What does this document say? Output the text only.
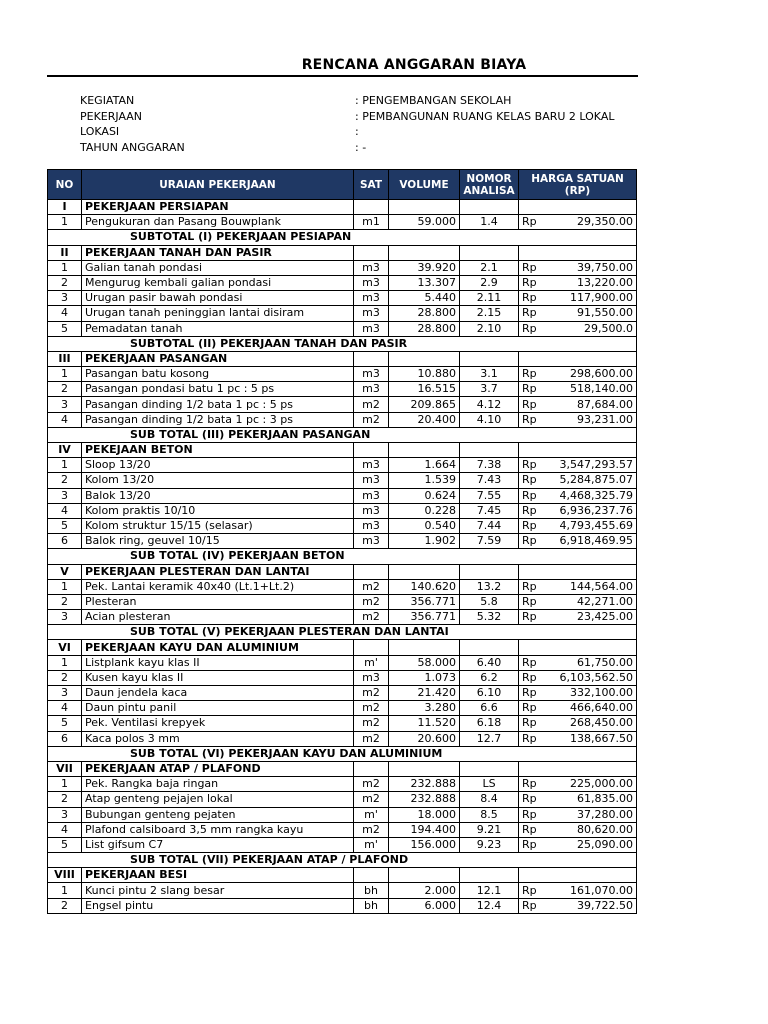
RENCANA ANGGARAN BIAYA
KEGIATAN	: PENGEMBANGAN SEKOLAH
PEKERJAAN	: PEMBANGUNAN RUANG KELAS BARU 2 LOKAL
LOKASI	:
TAHUN ANGGARAN	: -
NO	URAIAN PEKERJAAN	SAT	VOLUME	NOMOR ANALISA	HARGA SATUAN (RP)	
I	PEKERJAAN PERSIAPAN					
1	Pengukuran dan Pasang Bouwplank	m1	59.000	1.4	Rp	29,350.00
SUBTOTAL (I) PEKERJAAN PESIAPAN						
II	PEKERJAAN TANAH DAN PASIR					
1	Galian tanah pondasi	m3	39.920	2.1	Rp	39,750.00
2	Mengurug kembali galian pondasi	m3	13.307	2.9	Rp	13,220.00
3	Urugan pasir bawah pondasi	m3	5.440	2.11	Rp	117,900.00
4	Urugan tanah peninggian lantai disiram	m3	28.800	2.15	Rp	91,550.00
5	Pemadatan tanah	m3	28.800	2.10	Rp	29,500.0
SUBTOTAL (II) PEKERJAAN TANAH DAN PASIR						
III	PEKERJAAN PASANGAN					
1	Pasangan batu kosong	m3	10.880	3.1	Rp	298,600.00
2	Pasangan pondasi batu 1 pc : 5 ps	m3	16.515	3.7	Rp	518,140.00
3	Pasangan dinding 1/2 bata 1 pc : 5 ps	m2	209.865	4.12	Rp	87,684.00
4	Pasangan dinding 1/2 bata 1 pc : 3 ps	m2	20.400	4.10	Rp	93,231.00
SUB TOTAL (III) PEKERJAAN PASANGAN						
IV	PEKEJAAN BETON					
1	Sloop 13/20	m3	1.664	7.38	Rp	3,547,293.57
2	Kolom 13/20	m3	1.539	7.43	Rp	5,284,875.07
3	Balok 13/20	m3	0.624	7.55	Rp	4,468,325.79
4	Kolom praktis 10/10	m3	0.228	7.45	Rp	6,936,237.76
5	Kolom struktur 15/15 (selasar)	m3	0.540	7.44	Rp	4,793,455.69
6	Balok ring, geuvel 10/15	m3	1.902	7.59	Rp	6,918,469.95
SUB TOTAL (IV) PEKERJAAN BETON						
V	PEKERJAAN PLESTERAN DAN LANTAI					
1	Pek. Lantai keramik 40x40 (Lt.1+Lt.2)	m2	140.620	13.2	Rp	144,564.00
2	Plesteran	m2	356.771	5.8	Rp	42,271.00
3	Acian plesteran	m2	356.771	5.32	Rp	23,425.00
SUB TOTAL (V) PEKERJAAN PLESTERAN DAN LANTAI						
VI	PEKERJAAN KAYU DAN ALUMINIUM					
1	Listplank kayu klas II	m'	58.000	6.40	Rp	61,750.00
2	Kusen kayu klas II	m3	1.073	6.2	Rp	6,103,562.50
3	Daun jendela kaca	m2	21.420	6.10	Rp	332,100.00
4	Daun pintu panil	m2	3.280	6.6	Rp	466,640.00
5	Pek. Ventilasi krepyek	m2	11.520	6.18	Rp	268,450.00
6	Kaca polos 3 mm	m2	20.600	12.7	Rp	138,667.50
SUB TOTAL (VI) PEKERJAAN KAYU DAN ALUMINIUM						
VII	PEKERJAAN ATAP / PLAFOND					
1	Pek. Rangka baja ringan	m2	232.888	LS	Rp	225,000.00
2	Atap genteng pejajen lokal	m2	232.888	8.4	Rp	61,835.00
3	Bubungan genteng pejaten	m'	18.000	8.5	Rp	37,280.00
4	Plafond calsiboard 3,5 mm rangka kayu	m2	194.400	9.21	Rp	80,620.00
5	List gifsum C7	m'	156.000	9.23	Rp	25,090.00
SUB TOTAL (VII) PEKERJAAN ATAP / PLAFOND						
VIII	PEKERJAAN BESI					
1	Kunci pintu 2 slang besar	bh	2.000	12.1	Rp	161,070.00
2	Engsel pintu	bh	6.000	12.4	Rp	39,722.50
